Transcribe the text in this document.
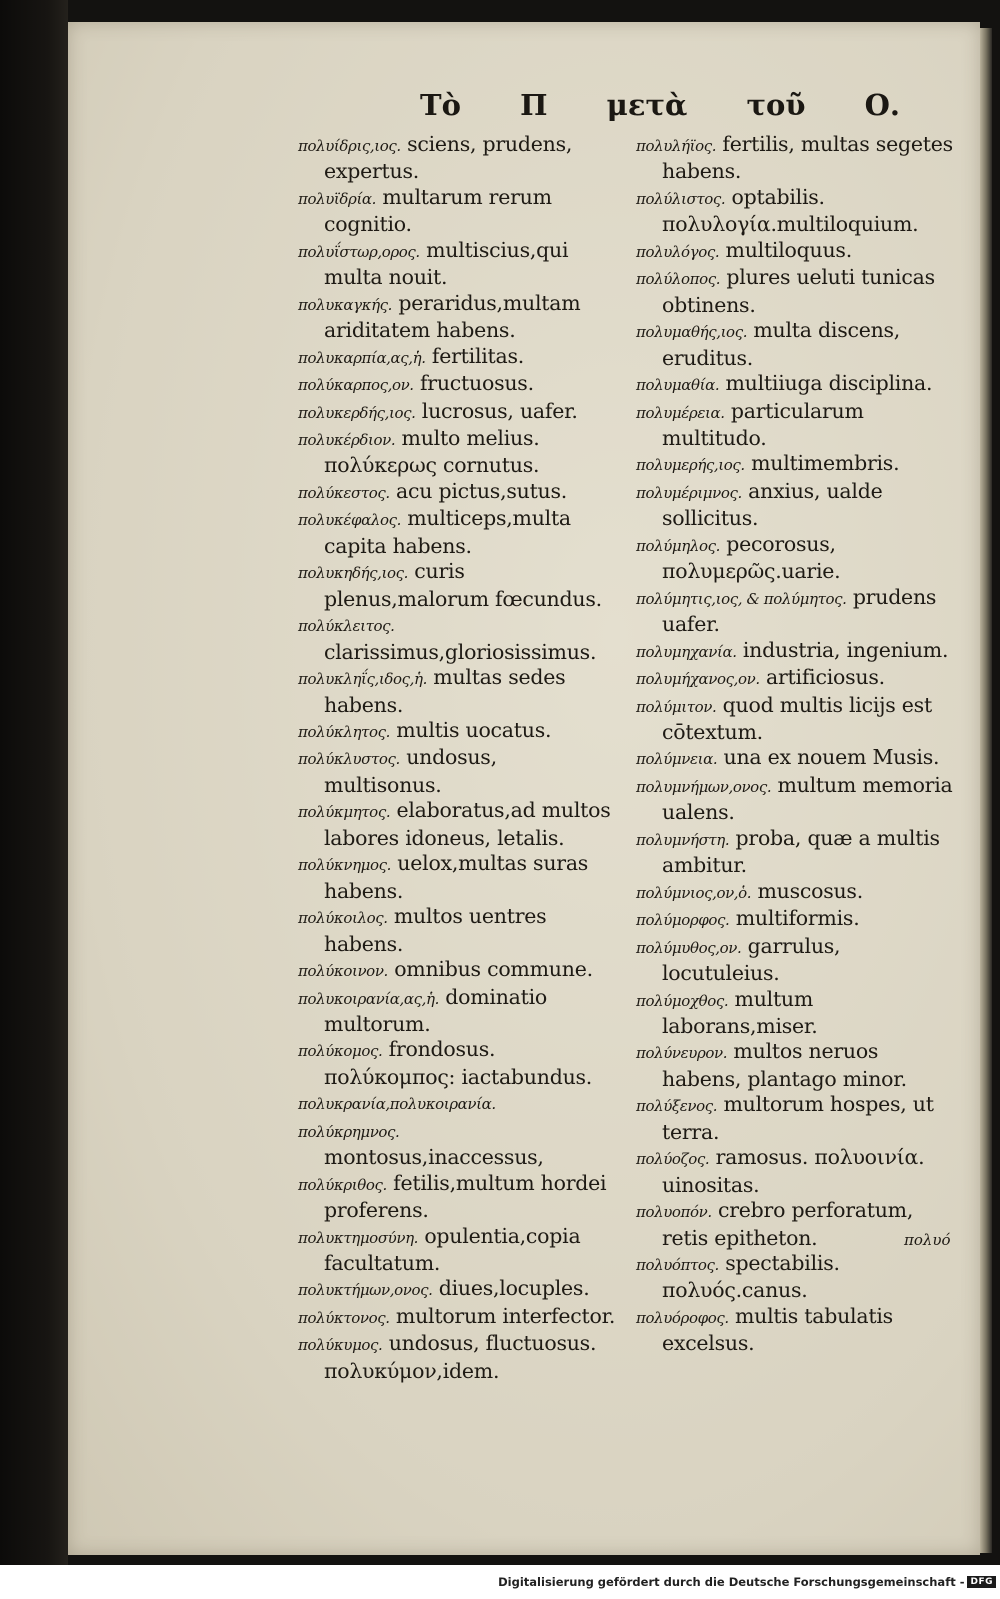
Τὸ Π μετὰ τοῦ Ο.

πολυίδρις,ιος. sciens, prudens, expertus.

πολυϊδρία. multarum rerum cognitio.

πολυΐστωρ,ορος. multiscius,qui multa nouit.

πολυκαγκής. peraridus,multam ariditatem habens.

πολυκαρπία,ας,ἡ. fertilitas.

πολύκαρπος,ον. fructuosus.

πολυκερδής,ιος. lucrosus, uafer.

πολυκέρδιον. multo melius. πολύκερως cornutus.

πολύκεστος. acu pictus,sutus.

πολυκέφαλος. multiceps,multa capita habens.

πολυκηδής,ιος. curis plenus,malorum fœcundus.

πολύκλειτος. clarissimus,gloriosissimus.

πολυκληΐς,ιδος,ἡ. multas sedes habens.

πολύκλητος. multis uocatus.

πολύκλυστος. undosus, multisonus.

πολύκμητος. elaboratus,ad multos labores idoneus, letalis.

πολύκνημος. uelox,multas suras habens.

πολύκοιλος. multos uentres habens.

πολύκοινον. omnibus commune.

πολυκοιρανία,ας,ἡ. dominatio multorum.

πολύκομος. frondosus. πολύκομπος: iactabundus.

πολυκρανία,πολυκοιρανία.

πολύκρημνος. montosus,inaccessus,

πολύκριθος. fetilis,multum hordei proferens.

πολυκτημοσύνη. opulentia,copia facultatum.

πολυκτήμων,ονος. diues,locuples.

πολύκτονος. multorum interfector.

πολύκυμος. undosus, fluctuosus. πολυκύμον,idem.

πολυλήϊος. fertilis, multas segetes habens.

πολύλιστος. optabilis. πολυλογία.multiloquium.

πολυλόγος. multiloquus.

πολύλοπος. plures ueluti tunicas obtinens.

πολυμαθής,ιος. multa discens, eruditus.

πολυμαθία. multiiuga disciplina.

πολυμέρεια. particularum multitudo.

πολυμερής,ιος. multimembris.

πολυμέριμνος. anxius, ualde sollicitus.

πολύμηλος. pecorosus, πολυμερῶς.uarie.

πολύμητις,ιος, & πολύμητος. prudens uafer.

πολυμηχανία. industria, ingenium.

πολυμήχανος,ον. artificiosus.

πολύμιτον. quod multis licijs est cōtextum.

πολύμνεια. una ex nouem Musis.

πολυμνήμων,ονος. multum memoria ualens.

πολυμνήστη. proba, quæ a multis ambitur.

πολύμνιος,ον,ὁ. muscosus.

πολύμορφος. multiformis.

πολύμυθος,ον. garrulus, locutuleius.

πολύμοχθος. multum laborans,miser.

πολύνευρον. multos neruos habens, plantago minor.

πολύξενος. multorum hospes, ut terra.

πολύοζος. ramosus. πολυοινία. uinositas.

πολυοπόν. crebro perforatum, retis epitheton.

πολυόπτος. spectabilis. πολυός.canus.

πολυόροφος. multis tabulatis excelsus.

πολυό
Digitalisierung gefördert durch die Deutsche Forschungsgemeinschaft - DFG
